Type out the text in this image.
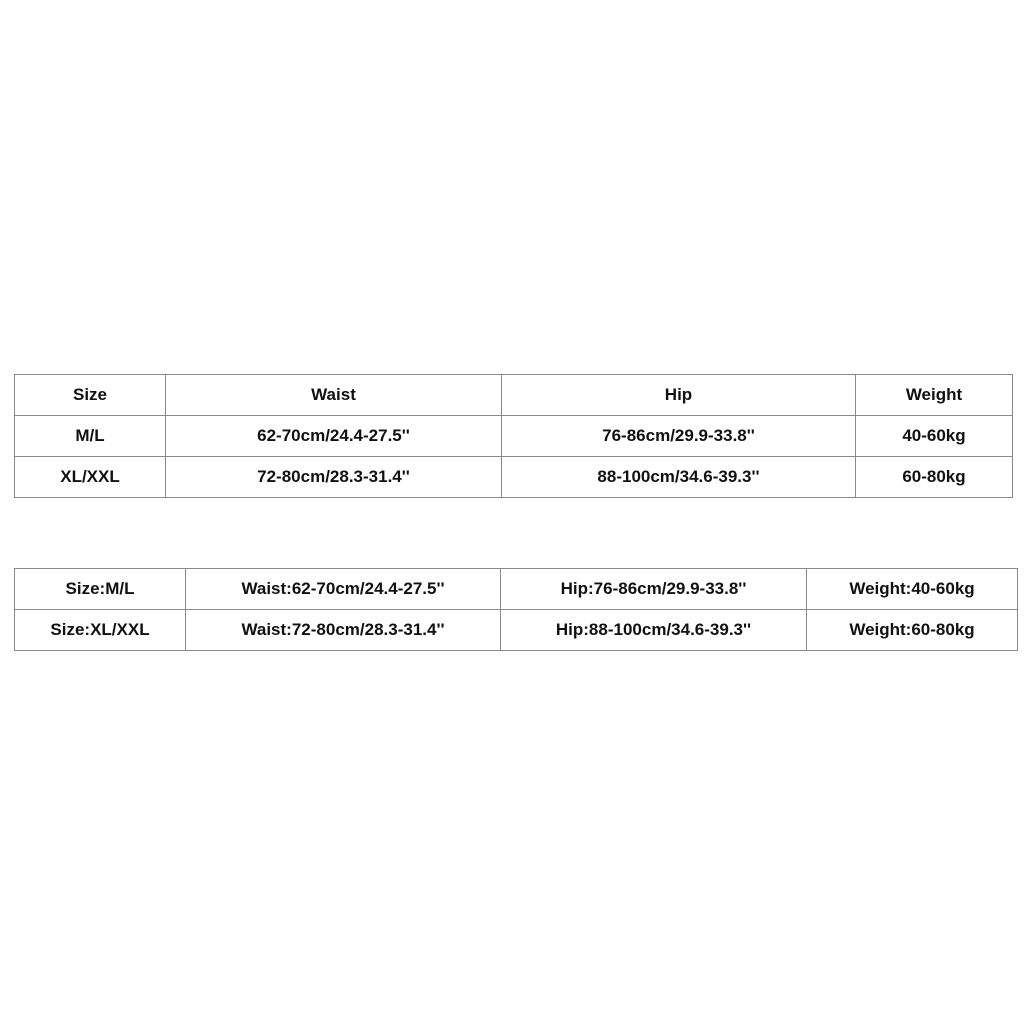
Size	Waist	Hip	Weight
M/L	62-70cm/24.4-27.5''	76-86cm/29.9-33.8''	40-60kg
XL/XXL	72-80cm/28.3-31.4''	88-100cm/34.6-39.3''	60-80kg
Size:M/L	Waist:62-70cm/24.4-27.5''	Hip:76-86cm/29.9-33.8''	Weight:40-60kg
Size:XL/XXL	Waist:72-80cm/28.3-31.4''	Hip:88-100cm/34.6-39.3''	Weight:60-80kg
